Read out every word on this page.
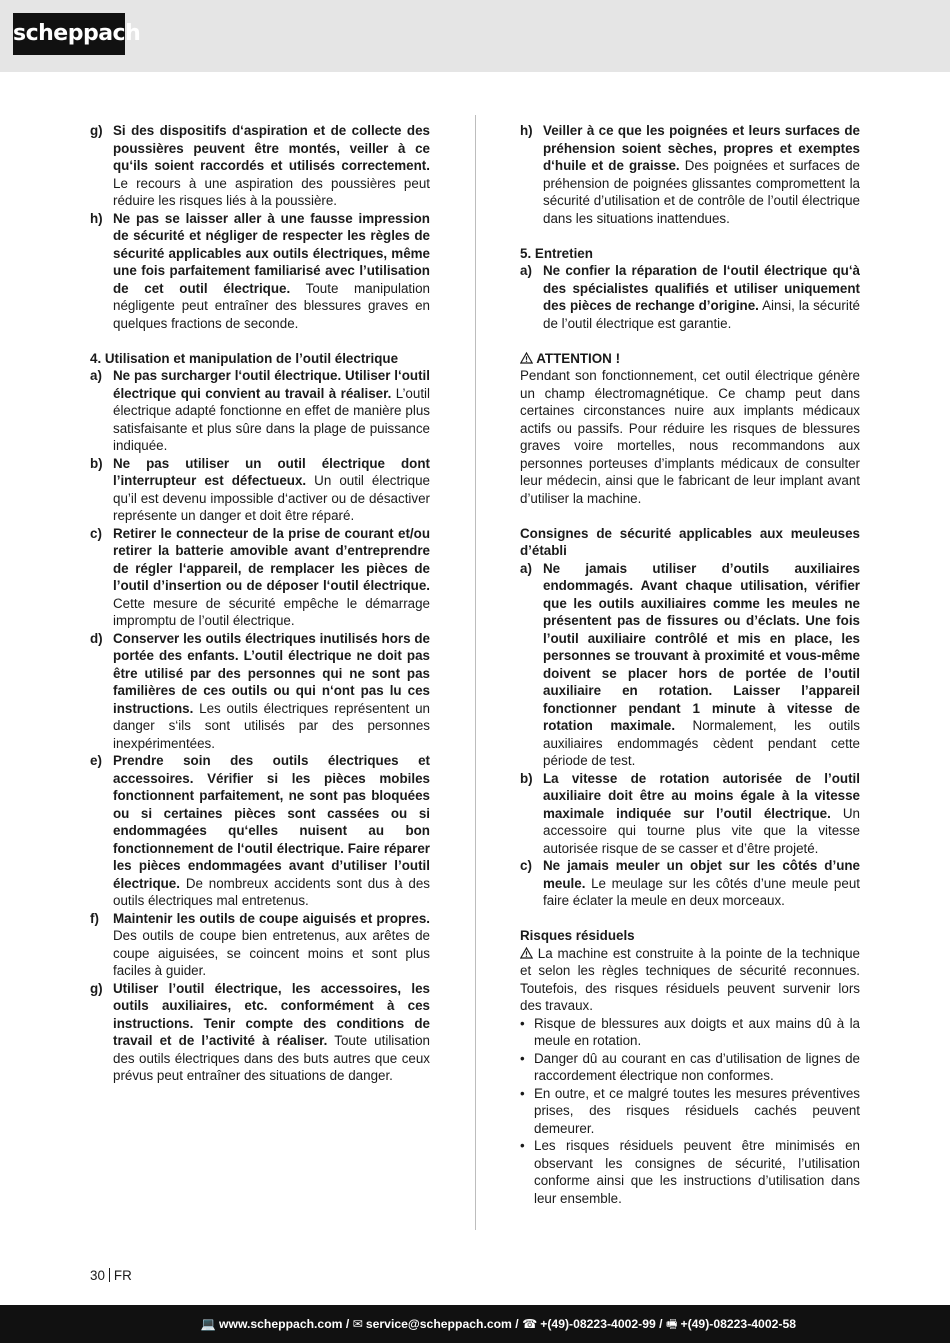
scheppach
g) Si des dispositifs d‘aspiration et de collecte des poussières peuvent être montés, veiller à ce qu‘ils soient raccordés et utilisés correctement. Le recours à une aspiration des poussières peut réduire les risques liés à la poussière.
h) Ne pas se laisser aller à une fausse impression de sécurité et négliger de respecter les règles de sécurité applicables aux outils électriques, même une fois parfaitement familiarisé avec l’utilisation de cet outil électrique. Toute manipulation négligente peut entraîner des blessures graves en quelques fractions de seconde.
4. Utilisation et manipulation de l’outil électrique
a) Ne pas surcharger l‘outil électrique. Utiliser l‘outil électrique qui convient au travail à réaliser. L’outil électrique adapté fonctionne en effet de manière plus satisfaisante et plus sûre dans la plage de puissance indiquée.
b) Ne pas utiliser un outil électrique dont l’interrupteur est défectueux. Un outil électrique qu’il est devenu impossible d‘activer ou de désactiver représente un danger et doit être réparé.
c) Retirer le connecteur de la prise de courant et/ou retirer la batterie amovible avant d’entreprendre de régler l‘appareil, de remplacer les pièces de l’outil d’insertion ou de déposer l‘outil électrique. Cette mesure de sécurité empêche le démarrage impromptu de l’outil électrique.
d) Conserver les outils électriques inutilisés hors de portée des enfants. L’outil électrique ne doit pas être utilisé par des personnes qui ne sont pas familières de ces outils ou qui n‘ont pas lu ces instructions. Les outils électriques représentent un danger s‘ils sont utilisés par des personnes inexpérimentées.
e) Prendre soin des outils électriques et accessoires. Vérifier si les pièces mobiles fonctionnent parfaitement, ne sont pas bloquées ou si certaines pièces sont cassées ou si endommagées qu‘elles nuisent au bon fonctionnement de l‘outil électrique. Faire réparer les pièces endommagées avant d’utiliser l’outil électrique. De nombreux accidents sont dus à des outils électriques mal entretenus.
f) Maintenir les outils de coupe aiguisés et propres. Des outils de coupe bien entretenus, aux arêtes de coupe aiguisées, se coincent moins et sont plus faciles à guider.
g) Utiliser l’outil électrique, les accessoires, les outils auxiliaires, etc. conformément à ces instructions. Tenir compte des conditions de travail et de l’activité à réaliser. Toute utilisation des outils électriques dans des buts autres que ceux prévus peut entraîner des situations de danger.
h) Veiller à ce que les poignées et leurs surfaces de préhension soient sèches, propres et exemptes d‘huile et de graisse. Des poignées et surfaces de préhension de poignées glissantes compromettent la sécurité d’utilisation et de contrôle de l’outil électrique dans les situations inattendues.
5. Entretien
a) Ne confier la réparation de l‘outil électrique qu‘à des spécialistes qualifiés et utiliser uniquement des pièces de rechange d’origine. Ainsi, la sécurité de l’outil électrique est garantie.
ATTENTION !
Pendant son fonctionnement, cet outil électrique génère un champ électromagnétique. Ce champ peut dans certaines circonstances nuire aux implants médicaux actifs ou passifs. Pour réduire les risques de blessures graves voire mortelles, nous recommandons aux personnes porteuses d’implants médicaux de consulter leur médecin, ainsi que le fabricant de leur implant avant d’utiliser la machine.
Consignes de sécurité applicables aux meuleuses d’établi
a) Ne jamais utiliser d’outils auxiliaires endommagés. Avant chaque utilisation, vérifier que les outils auxiliaires comme les meules ne présentent pas de fissures ou d’éclats. Une fois l’outil auxiliaire contrôlé et mis en place, les personnes se trouvant à proximité et vous-même doivent se placer hors de portée de l’outil auxiliaire en rotation. Laisser l’appareil fonctionner pendant 1 minute à vitesse de rotation maximale. Normalement, les outils auxiliaires endommagés cèdent pendant cette période de test.
b) La vitesse de rotation autorisée de l’outil auxiliaire doit être au moins égale à la vitesse maximale indiquée sur l’outil électrique. Un accessoire qui tourne plus vite que la vitesse autorisée risque de se casser et d’être projeté.
c) Ne jamais meuler un objet sur les côtés d’une meule. Le meulage sur les côtés d’une meule peut faire éclater la meule en deux morceaux.
Risques résiduels
La machine est construite à la pointe de la technique et selon les règles techniques de sécurité reconnues. Toutefois, des risques résiduels peuvent survenir lors des travaux.
• Risque de blessures aux doigts et aux mains dû à la meule en rotation.
• Danger dû au courant en cas d’utilisation de lignes de raccordement électrique non conformes.
• En outre, et ce malgré toutes les mesures préventives prises, des risques résiduels cachés peuvent demeurer.
• Les risques résiduels peuvent être minimisés en observant les consignes de sécurité, l’utilisation conforme ainsi que les instructions d’utilisation dans leur ensemble.
30 FR
💻 www.scheppach.com / ✉ service@scheppach.com / ☎ +(49)-08223-4002-99 / 🖷 +(49)-08223-4002-58
